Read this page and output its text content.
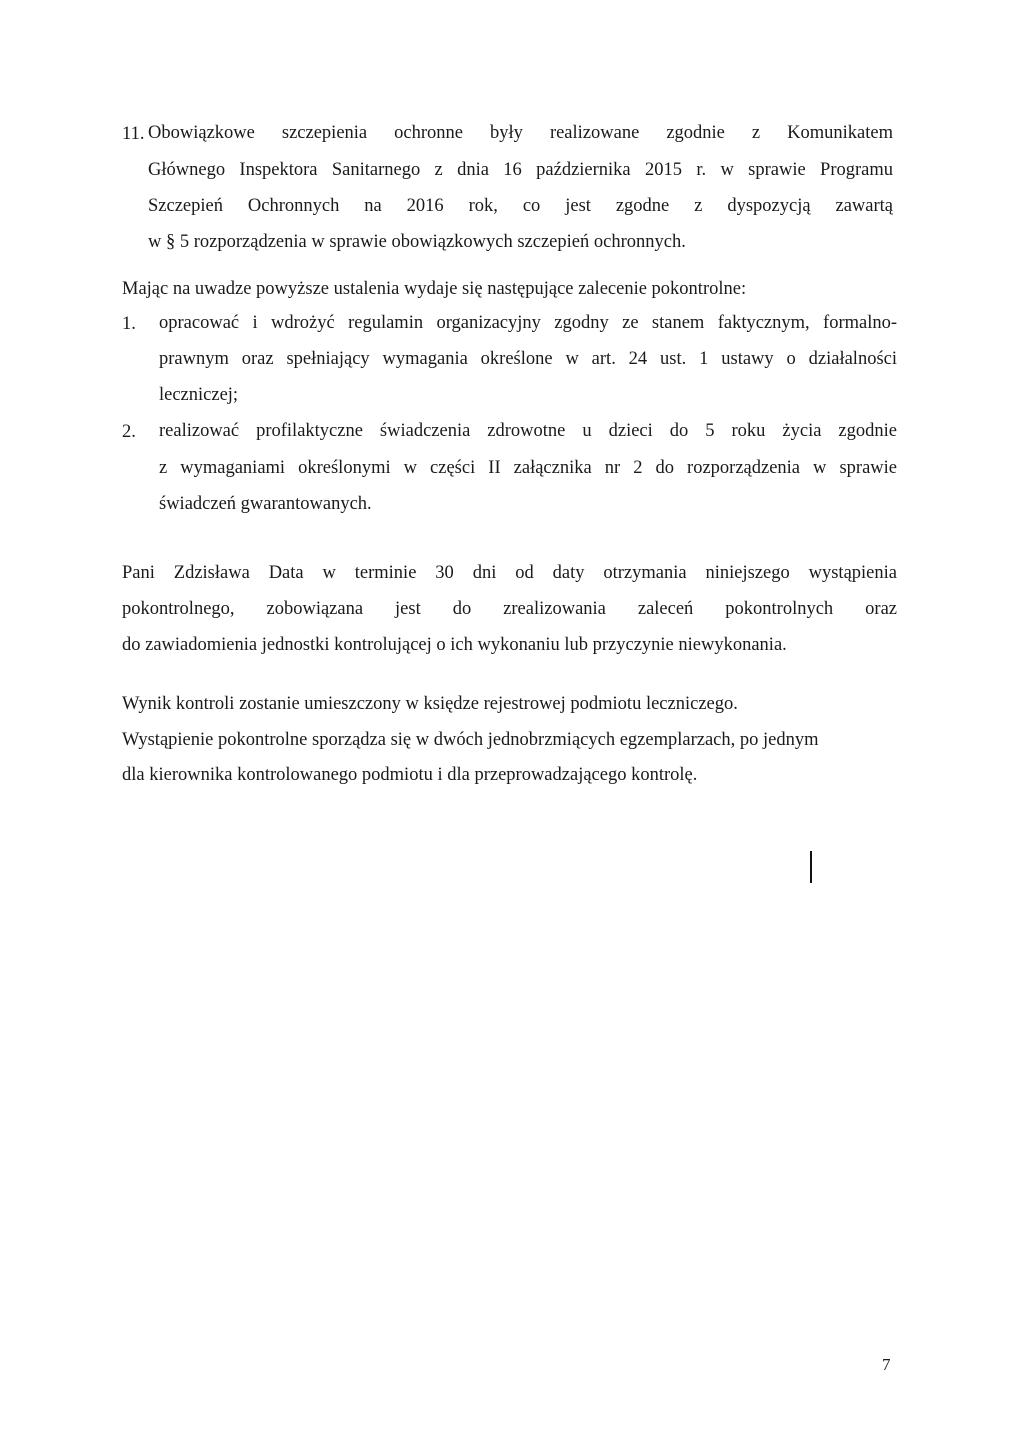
11. Obowiązkowe szczepienia ochronne były realizowane zgodnie z Komunikatem
Głównego Inspektora Sanitarnego z dnia 16 października 2015 r. w sprawie Programu
Szczepień Ochronnych na 2016 rok, co jest zgodne z dyspozycją zawartą
w § 5 rozporządzenia w sprawie obowiązkowych szczepień ochronnych.
Mając na uwadze powyższe ustalenia wydaje się następujące zalecenie pokontrolne:
1. opracować i wdrożyć regulamin organizacyjny zgodny ze stanem faktycznym, formalno-
prawnym oraz spełniający wymagania określone w art. 24 ust. 1 ustawy o działalności
leczniczej;
2. realizować profilaktyczne świadczenia zdrowotne u dzieci do 5 roku życia zgodnie
z wymaganiami określonymi w części II załącznika nr 2 do rozporządzenia w sprawie
świadczeń gwarantowanych.
Pani Zdzisława Data w terminie 30 dni od daty otrzymania niniejszego wystąpienia
pokontrolnego, zobowiązana jest do zrealizowania zaleceń pokontrolnych oraz
do zawiadomienia jednostki kontrolującej o ich wykonaniu lub przyczynie niewykonania.
Wynik kontroli zostanie umieszczony w księdze rejestrowej podmiotu leczniczego.
Wystąpienie pokontrolne sporządza się w dwóch jednobrzmiących egzemplarzach, po jednym
dla kierownika kontrolowanego podmiotu i dla przeprowadzającego kontrolę.
7
